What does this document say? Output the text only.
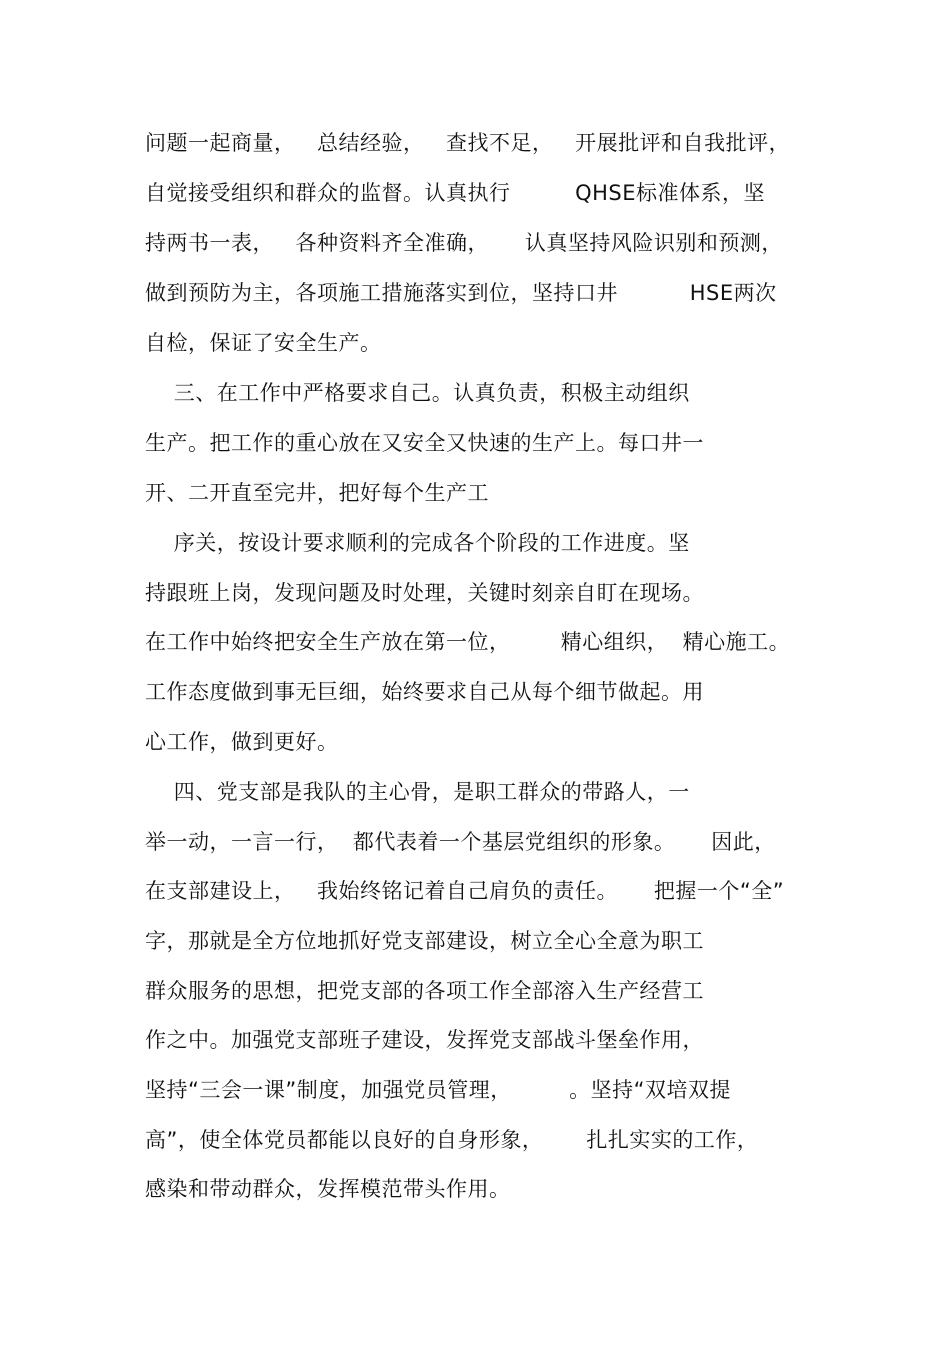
问题一起商量，   总结经验，   查找不足，   开展批评和自我批评，
自觉接受组织和群众的监督。认真执行         QHSE标准体系，坚
持两书一表，   各种资料齐全准确，     认真坚持风险识别和预测，
做到预防为主，各项施工措施落实到位，坚持口井          HSE两次
自检，保证了安全生产。
三、在工作中严格要求自己。认真负责，积极主动组织
生产。把工作的重心放在又安全又快速的生产上。每口井一
开、二开直至完井，把好每个生产工
序关，按设计要求顺利的完成各个阶段的工作进度。坚
持跟班上岗，发现问题及时处理，关键时刻亲自盯在现场。
在工作中始终把安全生产放在第一位，       精心组织，  精心施工。
工作态度做到事无巨细，始终要求自己从每个细节做起。用
心工作，做到更好。
四、党支部是我队的主心骨，是职工群众的带路人，一
举一动，一言一行，  都代表着一个基层党组织的形象。     因此，
在支部建设上，   我始终铭记着自己肩负的责任。     把握一个“全”
字，那就是全方位地抓好党支部建设，树立全心全意为职工
群众服务的思想，把党支部的各项工作全部溶入生产经营工
作之中。加强党支部班子建设，发挥党支部战斗堡垒作用，
坚持“三会一课”制度，加强党员管理，        。坚持“双培双提
高”，使全体党员都能以良好的自身形象，      扎扎实实的工作，
感染和带动群众，发挥模范带头作用。
